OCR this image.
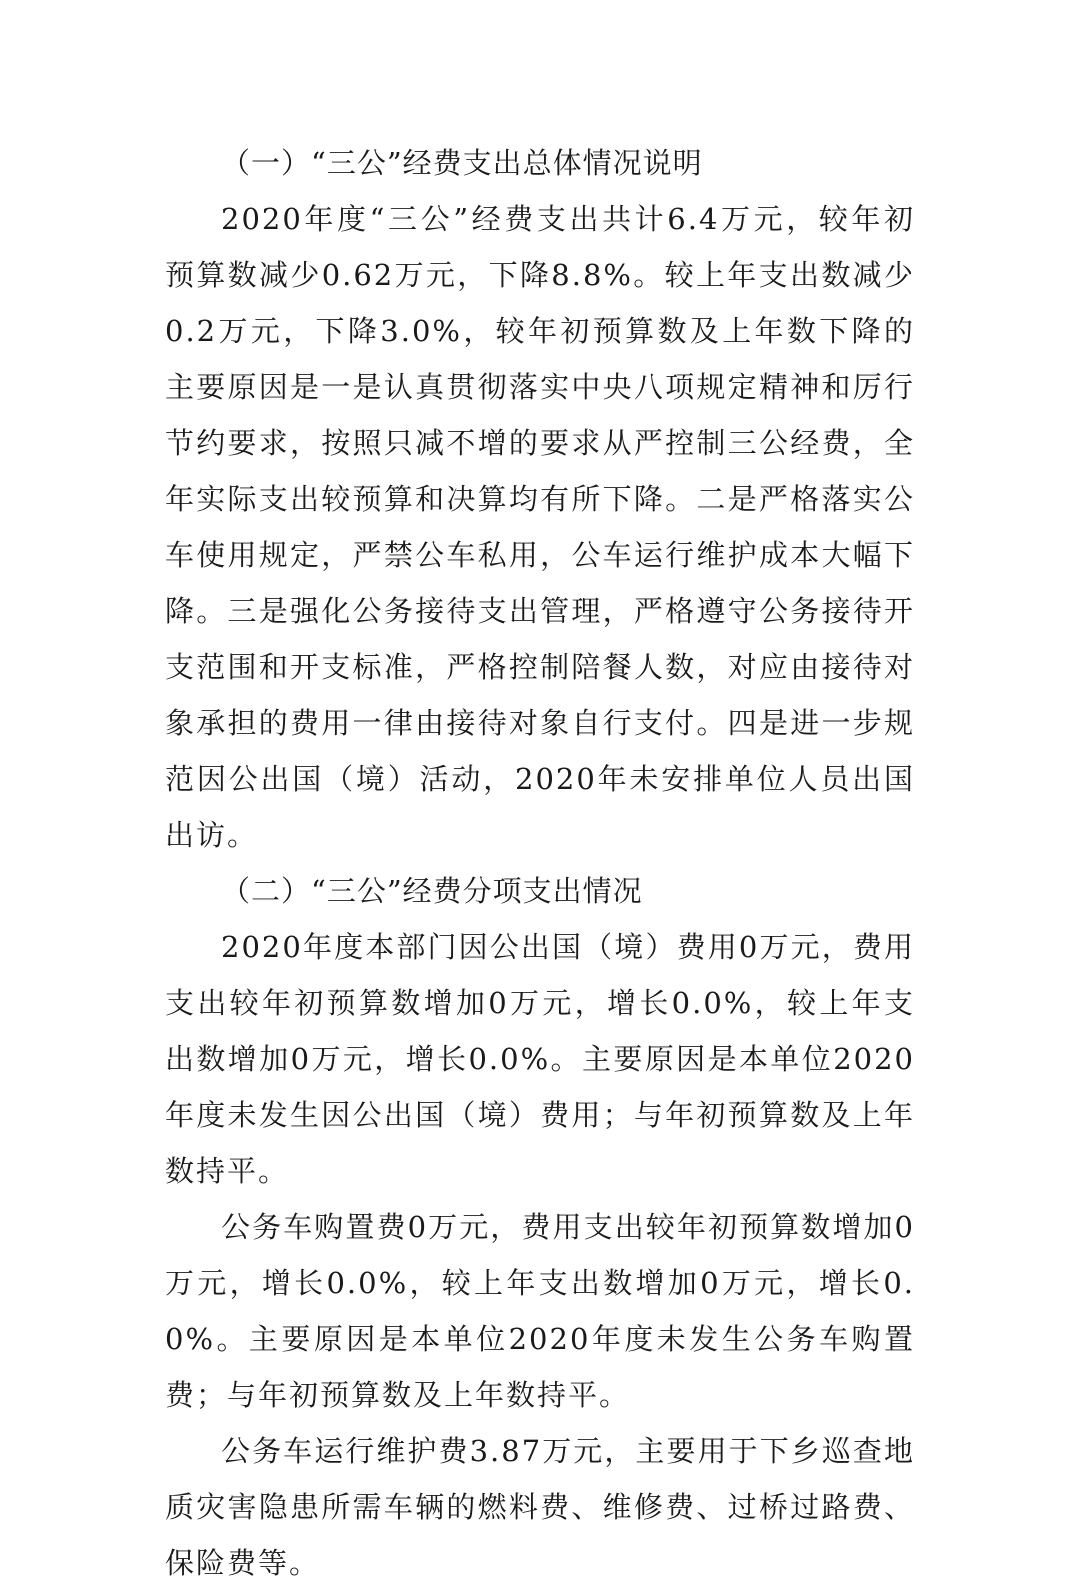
（一）“三公”经费支出总体情况说明

2020年度“三公”经费支出共计6.4万元，较年初预算数减少0.62万元，下降8.8%。较上年支出数减少0.2万元，下降3.0%，较年初预算数及上年数下降的主要原因是一是认真贯彻落实中央八项规定精神和厉行节约要求，按照只减不增的要求从严控制三公经费，全年实际支出较预算和决算均有所下降。二是严格落实公车使用规定，严禁公车私用，公车运行维护成本大幅下降。三是强化公务接待支出管理，严格遵守公务接待开支范围和开支标准，严格控制陪餐人数，对应由接待对象承担的费用一律由接待对象自行支付。四是进一步规范因公出国（境）活动，2020年未安排单位人员出国出访。

（二）“三公”经费分项支出情况

2020年度本部门因公出国（境）费用0万元，费用支出较年初预算数增加0万元，增长0.0%，较上年支出数增加0万元，增长0.0%。主要原因是本单位2020年度未发生因公出国（境）费用；与年初预算数及上年数持平。

公务车购置费0万元，费用支出较年初预算数增加0万元，增长0.0%，较上年支出数增加0万元，增长0.0%。主要原因是本单位2020年度未发生公务车购置费；与年初预算数及上年数持平。

公务车运行维护费3.87万元，主要用于下乡巡查地质灾害隐患所需车辆的燃料费、维修费、过桥过路费、保险费等。
